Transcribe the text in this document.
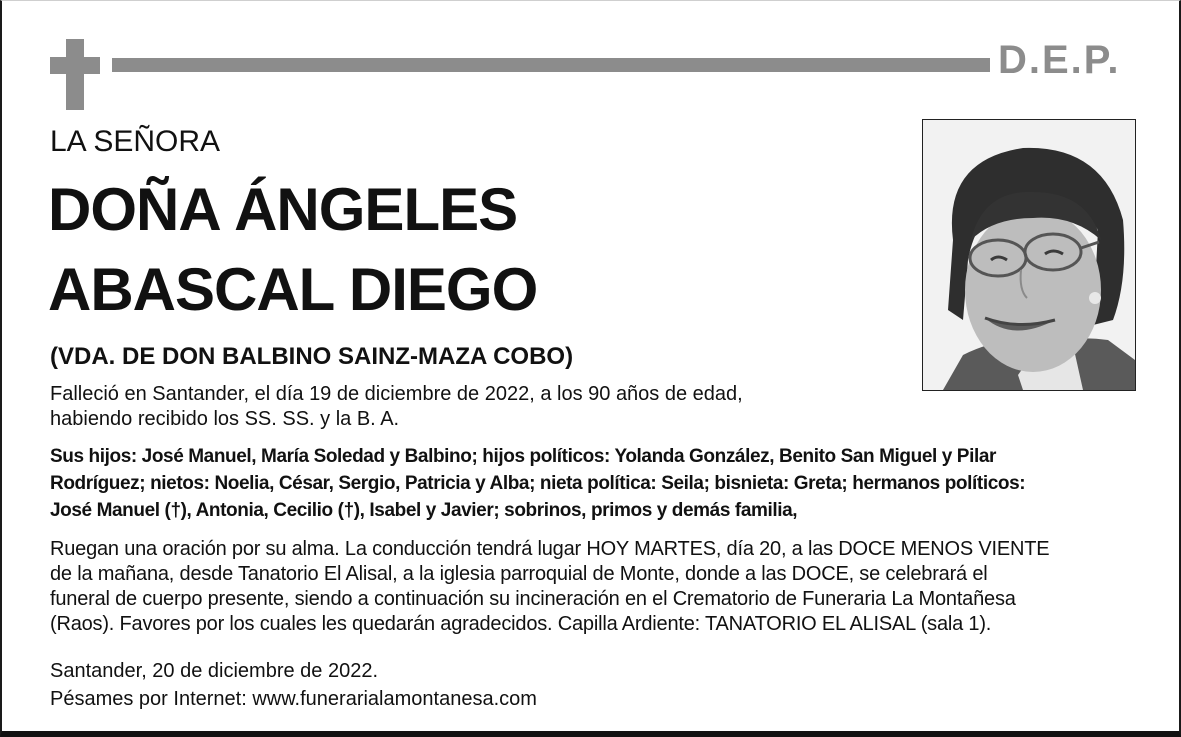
D.E.P.
LA SEÑORA
DOÑA ÁNGELES
ABASCAL DIEGO
(VDA. DE DON BALBINO SAINZ-MAZA COBO)
Falleció en Santander, el día 19 de diciembre de 2022, a los 90 años de edad,
habiendo recibido los SS. SS. y la B. A.
Sus hijos: José Manuel, María Soledad y Balbino; hijos políticos: Yolanda González, Benito San Miguel y Pilar
Rodríguez; nietos: Noelia, César, Sergio, Patricia y Alba; nieta política: Seila; bisnieta: Greta; hermanos políticos:
José Manuel (†), Antonia, Cecilio (†), Isabel y Javier; sobrinos, primos y demás familia,
Ruegan una oración por su alma. La conducción tendrá lugar HOY MARTES, día 20, a las DOCE MENOS VIENTE
de la mañana, desde Tanatorio El Alisal, a la iglesia parroquial de Monte, donde a las DOCE, se celebrará el
funeral de cuerpo presente, siendo a continuación su incineración en el Crematorio de Funeraria La Montañesa
(Raos). Favores por los cuales les quedarán agradecidos. Capilla Ardiente: TANATORIO EL ALISAL (sala 1).
Santander, 20 de diciembre de 2022.
Pésames por Internet: www.funerarialamontanesa.com
